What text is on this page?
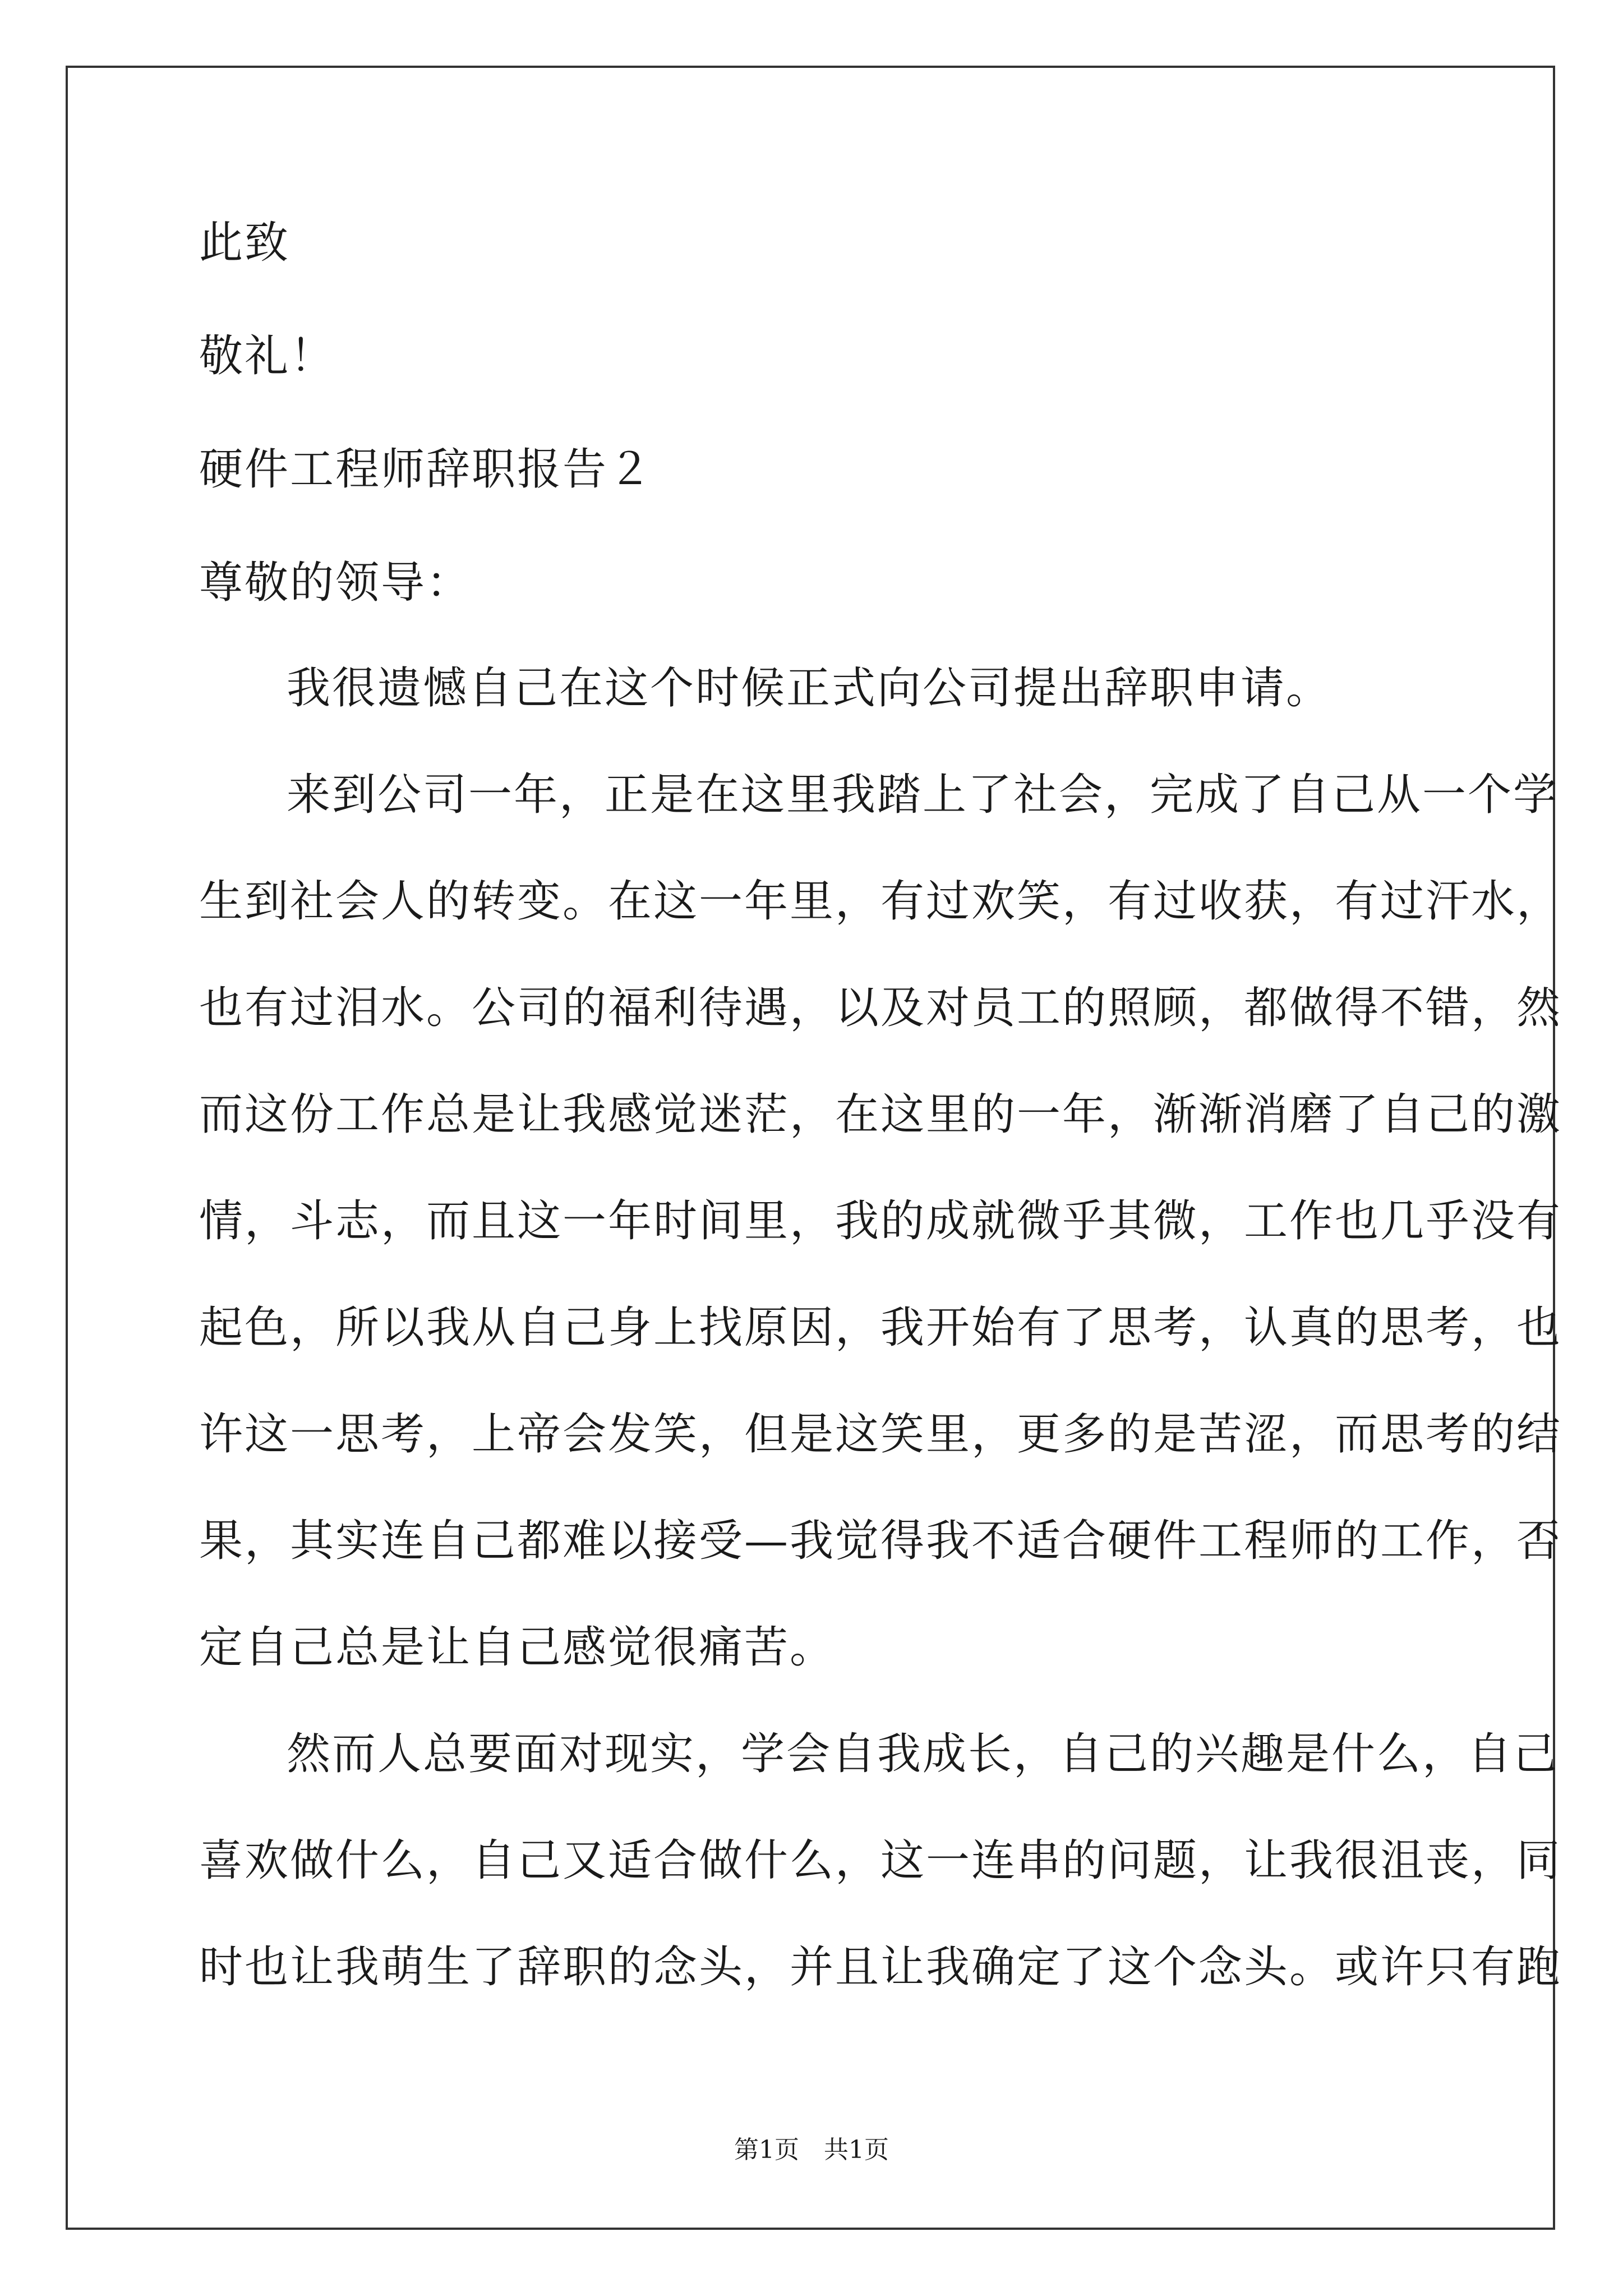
此致
敬礼！
硬件工程师辞职报告２
尊敬的领导：
我很遗憾自己在这个时候正式向公司提出辞职申请。
来到公司一年，正是在这里我踏上了社会，完成了自己从一个学
生到社会人的转变。在这一年里，有过欢笑，有过收获，有过汗水，
也有过泪水。公司的福利待遇，以及对员工的照顾，都做得不错，然
而这份工作总是让我感觉迷茫，在这里的一年，渐渐消磨了自己的激
情，斗志，而且这一年时间里，我的成就微乎其微，工作也几乎没有
起色，所以我从自己身上找原因，我开始有了思考，认真的思考，也
许这一思考，上帝会发笑，但是这笑里，更多的是苦涩，而思考的结
果，其实连自己都难以接受—我觉得我不适合硬件工程师的工作，否
定自己总是让自己感觉很痛苦。
然而人总要面对现实，学会自我成长，自己的兴趣是什么，自己
喜欢做什么，自己又适合做什么，这一连串的问题，让我很沮丧，同
时也让我萌生了辞职的念头，并且让我确定了这个念头。或许只有跑
第1页　共1页
